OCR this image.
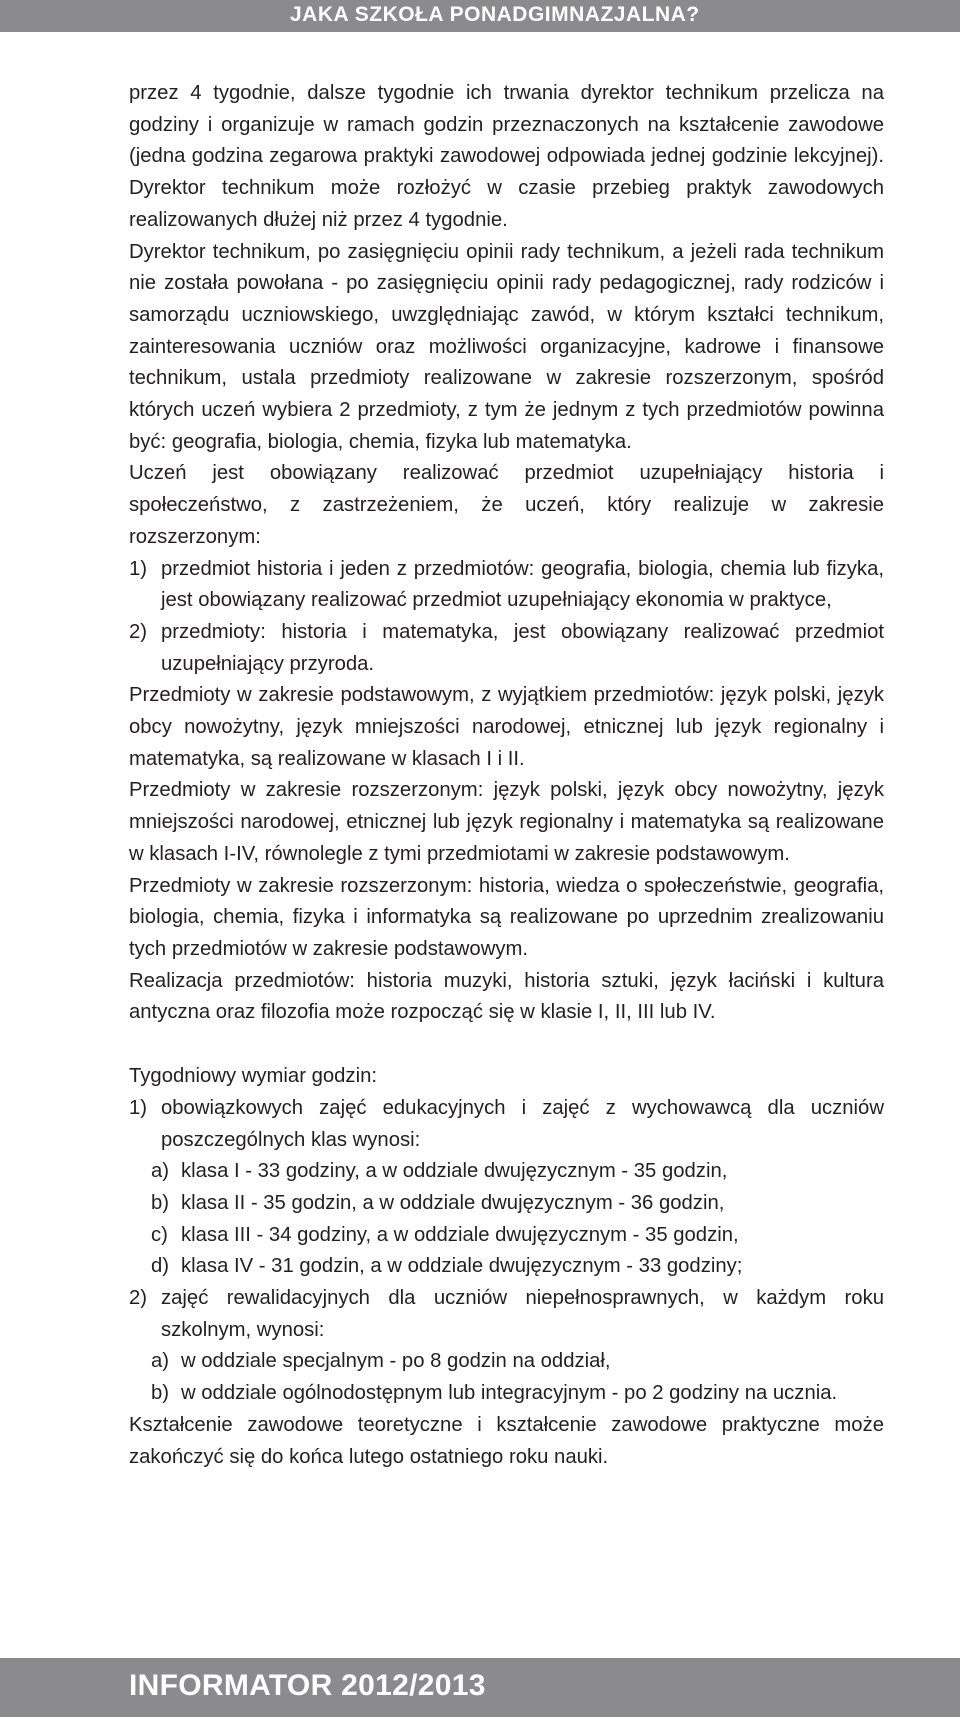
JAKA SZKOŁA PONADGIMNAZJALNA?

przez 4 tygodnie, dalsze tygodnie ich trwania dyrektor technikum przelicza na godziny i organizuje w ramach godzin przeznaczonych na kształcenie zawodowe (jedna godzina zegarowa praktyki zawodowej odpowiada jednej godzinie lekcyjnej). Dyrektor technikum może rozłożyć w czasie przebieg praktyk zawodowych realizowanych dłużej niż przez 4 tygodnie.

Dyrektor technikum, po zasięgnięciu opinii rady technikum, a jeżeli rada technikum nie została powołana - po zasięgnięciu opinii rady pedagogicznej, rady rodziców i samorządu uczniowskiego, uwzględniając zawód, w którym kształci technikum, zainteresowania uczniów oraz możliwości organizacyjne, kadrowe i finansowe technikum, ustala przedmioty realizowane w zakresie rozszerzonym, spośród których uczeń wybiera 2 przedmioty, z tym że jednym z tych przedmiotów powinna być: geografia, biologia, chemia, fizyka lub matematyka.

Uczeń jest obowiązany realizować przedmiot uzupełniający historia i społeczeństwo, z zastrzeżeniem, że uczeń, który realizuje w zakresie rozszerzonym:

1) przedmiot historia i jeden z przedmiotów: geografia, biologia, chemia lub fizyka, jest obowiązany realizować przedmiot uzupełniający ekonomia w praktyce,
2) przedmioty: historia i matematyka, jest obowiązany realizować przedmiot uzupełniający przyroda.

Przedmioty w zakresie podstawowym, z wyjątkiem przedmiotów: język polski, język obcy nowożytny, język mniejszości narodowej, etnicznej lub język regionalny i matematyka, są realizowane w klasach I i II.

Przedmioty w zakresie rozszerzonym: język polski, język obcy nowożytny, język mniejszości narodowej, etnicznej lub język regionalny i matematyka są realizowane w klasach I-IV, równolegle z tymi przedmiotami w zakresie podstawowym.

Przedmioty w zakresie rozszerzonym: historia, wiedza o społeczeństwie, geografia, biologia, chemia, fizyka i informatyka są realizowane po uprzednim zrealizowaniu tych przedmiotów w zakresie podstawowym.

Realizacja przedmiotów: historia muzyki, historia sztuki, język łaciński i kultura antyczna oraz filozofia może rozpocząć się w klasie I, II, III lub IV.

Tygodniowy wymiar godzin:

1) obowiązkowych zajęć edukacyjnych i zajęć z wychowawcą dla uczniów poszczególnych klas wynosi:
a) klasa I - 33 godziny, a w oddziale dwujęzycznym - 35 godzin,
b) klasa II - 35 godzin, a w oddziale dwujęzycznym - 36 godzin,
c) klasa III - 34 godziny, a w oddziale dwujęzycznym - 35 godzin,
d) klasa IV - 31 godzin, a w oddziale dwujęzycznym - 33 godziny;
2) zajęć rewalidacyjnych dla uczniów niepełnosprawnych, w każdym roku szkolnym, wynosi:
a) w oddziale specjalnym - po 8 godzin na oddział,
b) w oddziale ogólnodostępnym lub integracyjnym - po 2 godziny na ucznia.

Kształcenie zawodowe teoretyczne i kształcenie zawodowe praktyczne może zakończyć się do końca lutego ostatniego roku nauki.

INFORMATOR 2012/2013
